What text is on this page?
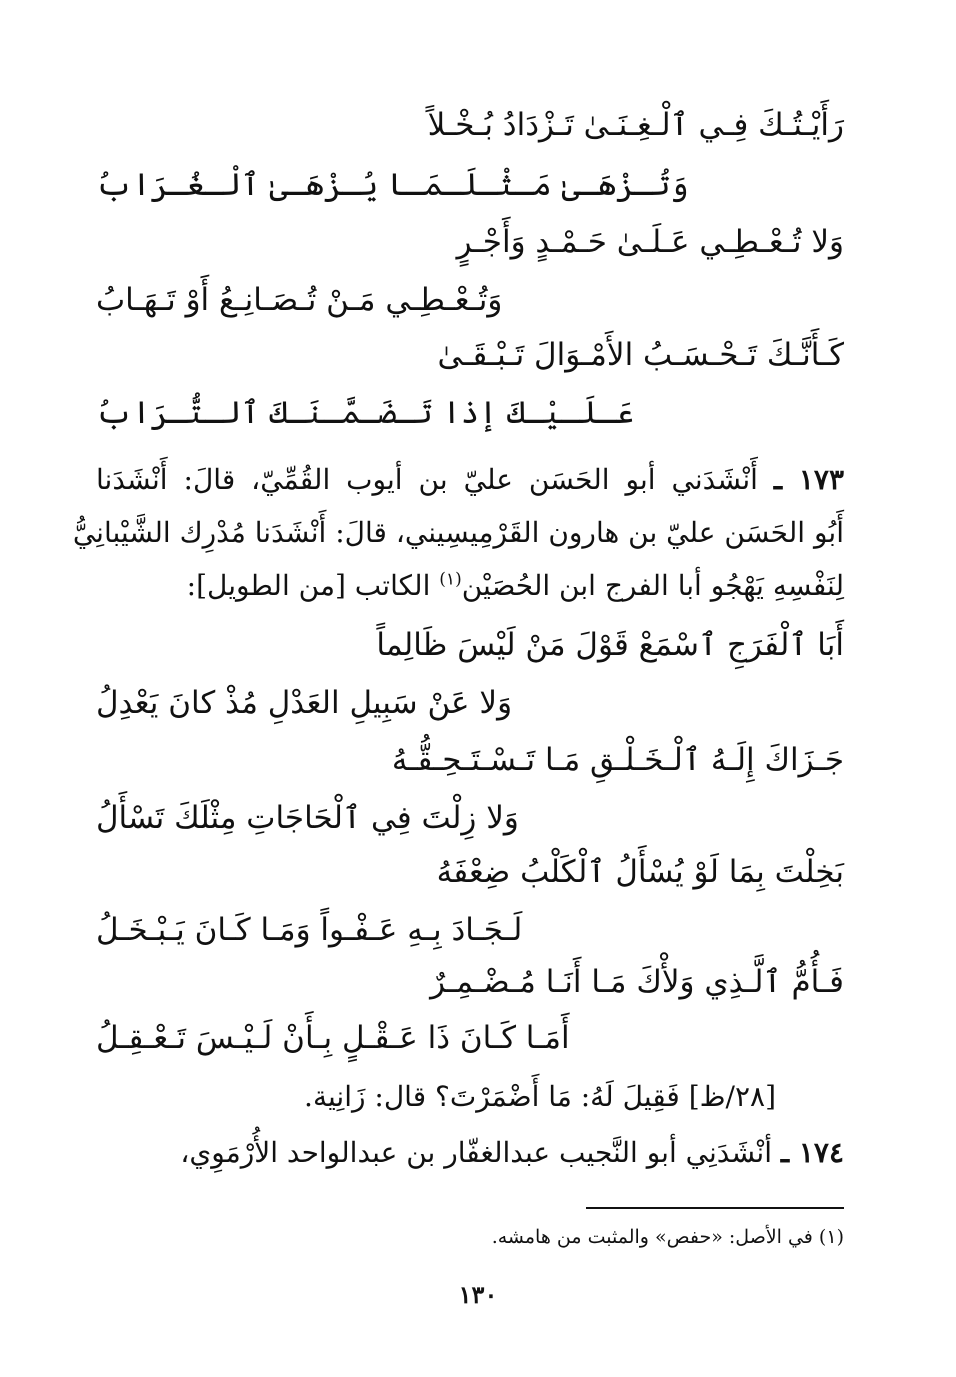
رَأَيْـتُـكَ فِـي ٱلْـغِـنَـىٰ تَـزْدَادُ بُـخْـلاً
وَتُـزْهَـىٰ مَـثْـلَـمَـا يُـزْهَـىٰ ٱلْـغُـرَابُ
وَلا تُـعْـطِـي عَـلَـىٰ حَـمْـدٍ وَأَجْـرٍ
وَتُـعْـطِـي مَـنْ تُـصَـانِـعُ أَوْ تَـهَـابُ
كَـأَنَّـكَ تَـحْـسَـبُ الأَمْـوَالَ تَـبْـقَـىٰ
عَـلَـيْـكَ إذا تَـضَـمَّـنَـكَ ٱلـتُّـرَابُ
١٧٣ ـ أَنْشَدَني أبو الحَسَن عليّ بن أيوب القُمِّيّ، قالَ: أَنْشَدَنا
أَبُو الحَسَن عليّ بن هارون القَرْمِيسِيني، قالَ: أَنْشَدَنا مُدْرِك الشَّيْبانِيُّ
لِنَفْسِهِ يَهْجُو أبا الفرج ابن الحُصَيْن$^{(١)}$ الكاتب [من الطويل]:
أَبَا ٱلْفَرَجِ ٱسْمَعْ قَوْلَ مَنْ لَيْسَ ظَالِماً
وَلا عَنْ سَبِيلِ العَدْلِ مُذْ كانَ يَعْدِلُ
جَـزَاكَ إِلَـهُ ٱلْـخَـلْـقِ مَـا تَـسْـتَـحِـقُّـهُ
وَلا زِلْتَ فِي ٱلْحَاجَاتِ مِثْلَكَ تَسْأَلُ
بَخِلْتَ بِمَا لَوْ يُسْأَلُ ٱلْكَلْبُ ضِعْفَهُ
لَـجَـادَ بِـهِ عَـفْـواً وَمَـا كَـانَ يَـبْـخَـلُ
فَـأُمُّ ٱلَّـذِي وَلأْكَ مَـا أَنَـا مُـضْـمِـرٌ
أَمَـا كَـانَ ذَا عَـقْـلٍ بِـأَنْ لَـيْـسَ تَـعْـقِـلُ
[٢٨/ظ] فَقِيلَ لَهُ: مَا أَضْمَرْتَ؟ قال: زَانِية.
١٧٤ ـ أنْشَدَنِي أبو النَّجيب عبدالغفّار بن عبدالواحد الأُرْمَوِي،
(١) في الأصل: «حفص» والمثبت من هامشه.
١٣٠
